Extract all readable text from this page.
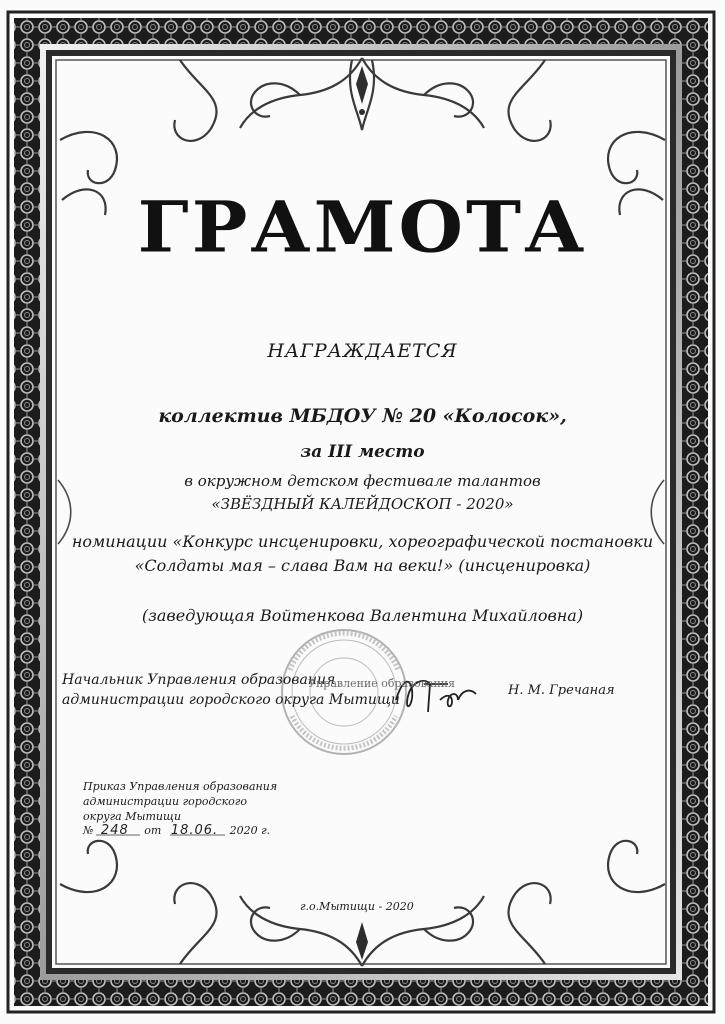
ГРАМОТА
НАГРАЖДАЕТСЯ
коллектив МБДОУ № 20 «Колосок»,
за III место
в окружном детском фестивале талантов
«ЗВЁЗДНЫЙ КАЛЕЙДОСКОП - 2020»
номинации «Конкурс инсценировки, хореографической постановки
«Солдаты мая – слава Вам на веки!» (инсценировка)
(заведующая Войтенкова Валентина Михайловна)
Начальник Управления образования
администрации городского округа Мытищи
Управление образования	Н. М. Гречаная
Приказ Управления образования
администрации городского
округа Мытищи
№ 248 от 18.06. 2020 г.
г.о.Мытищи - 2020
